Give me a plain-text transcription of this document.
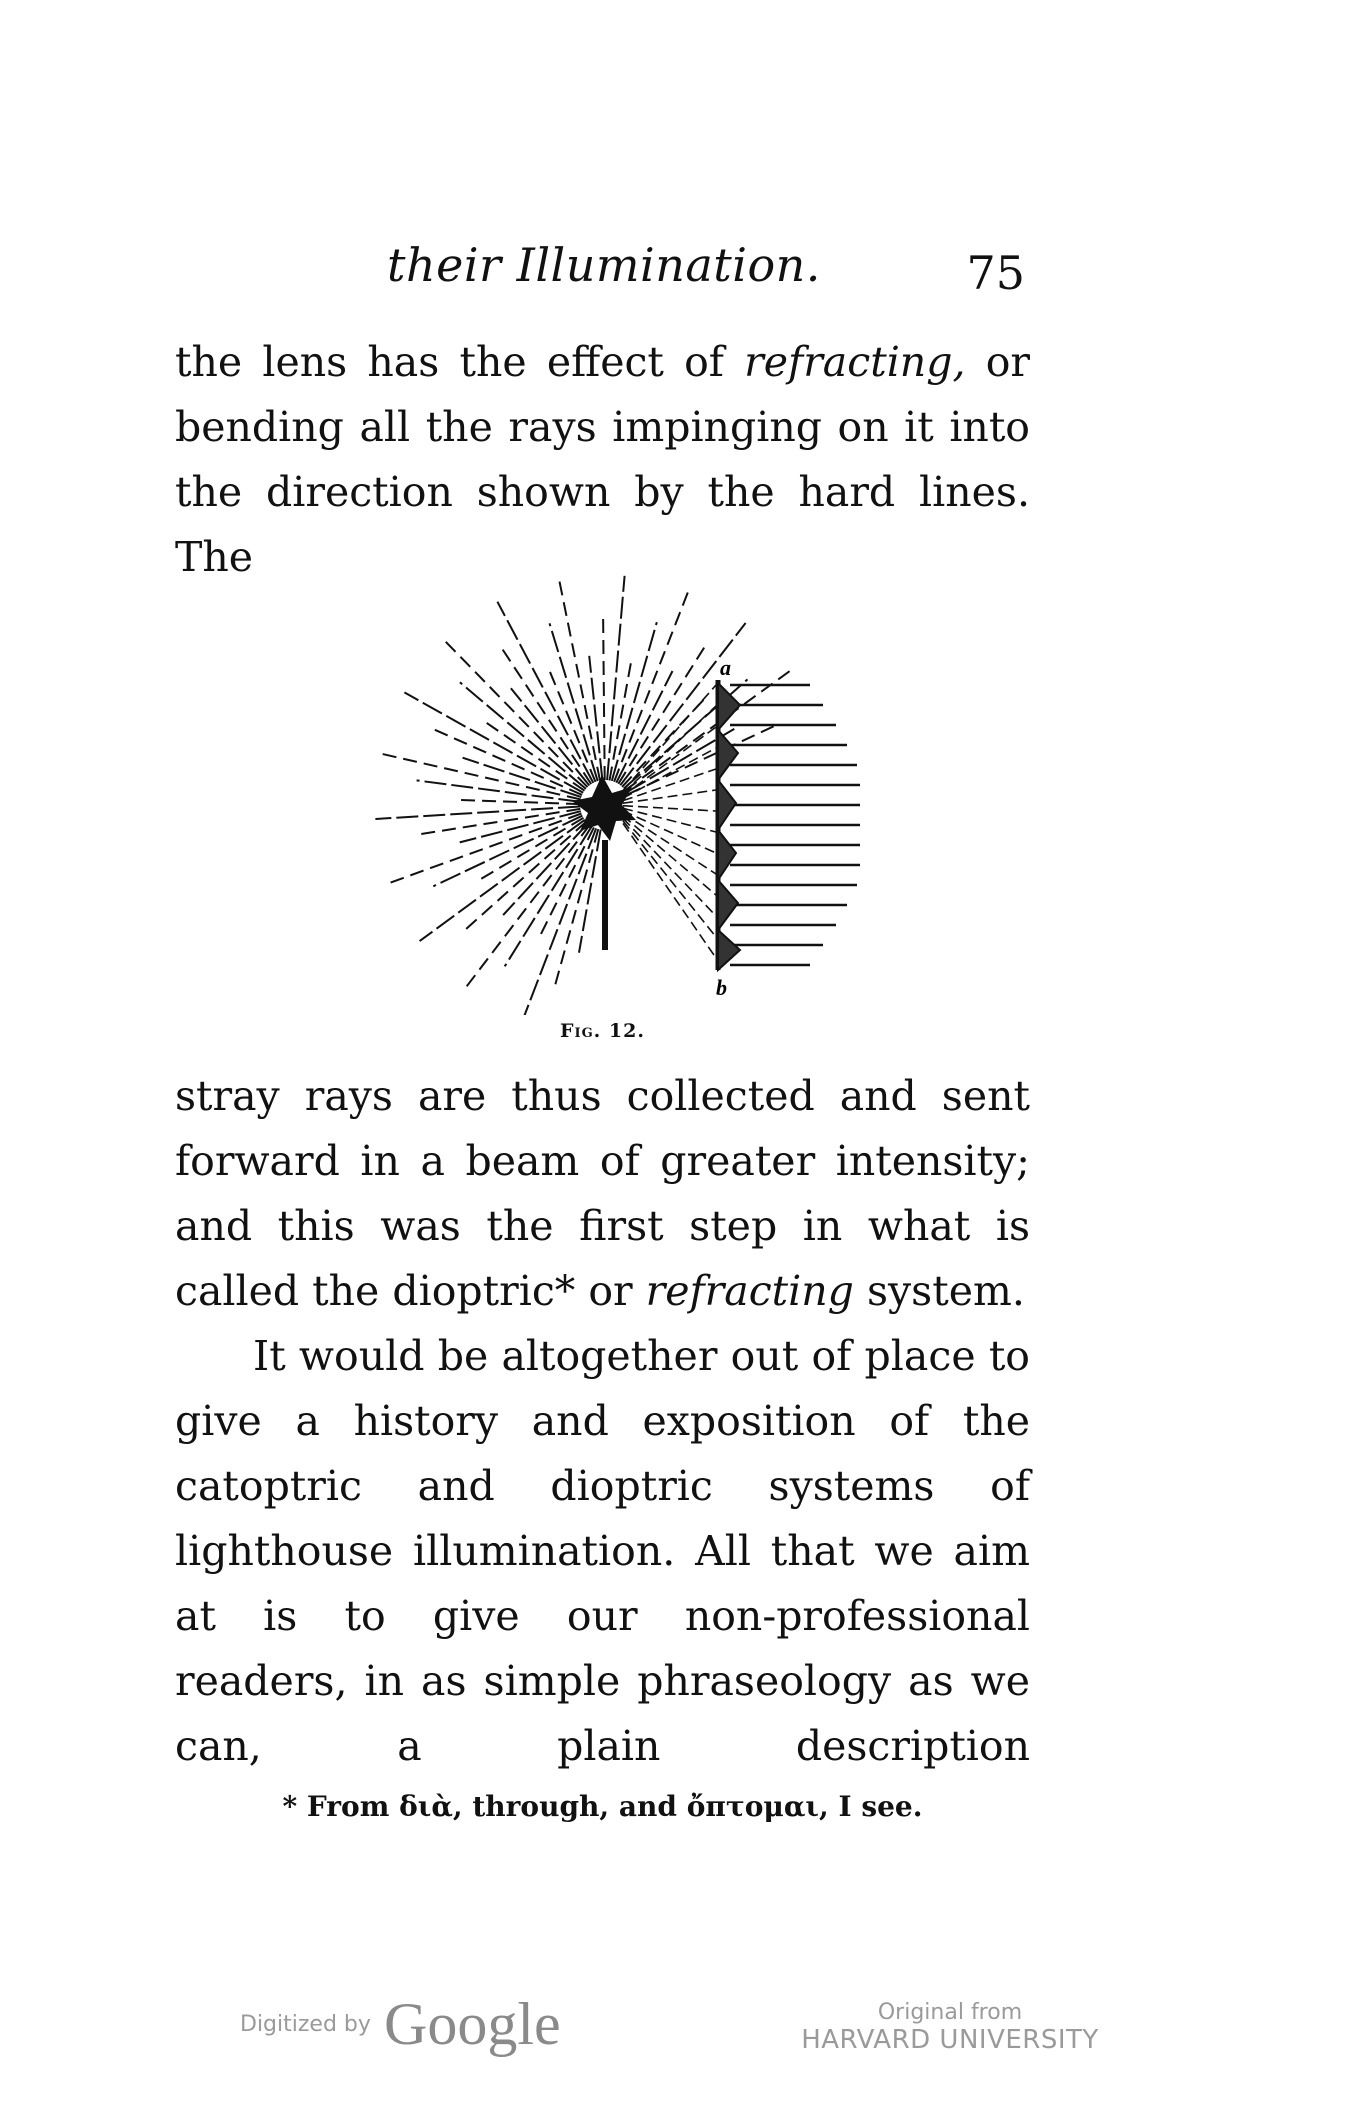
their Illumination.	75

the lens has the effect of refracting, or bending all the rays impinging on it into the direction shown by the hard lines. The

a
b
Fig. 12.

stray rays are thus collected and sent forward in a beam of greater intensity; and this was the first step in what is called the dioptric* or refracting system.

It would be altogether out of place to give a history and exposition of the catoptric and dioptric systems of lighthouse illumination. All that we aim at is to give our non-professional readers, in as simple phraseology as we can, a plain description

* From διὰ, through, and ὄπτομαι, I see.
Digitized by Google	Original from
HARVARD UNIVERSITY
